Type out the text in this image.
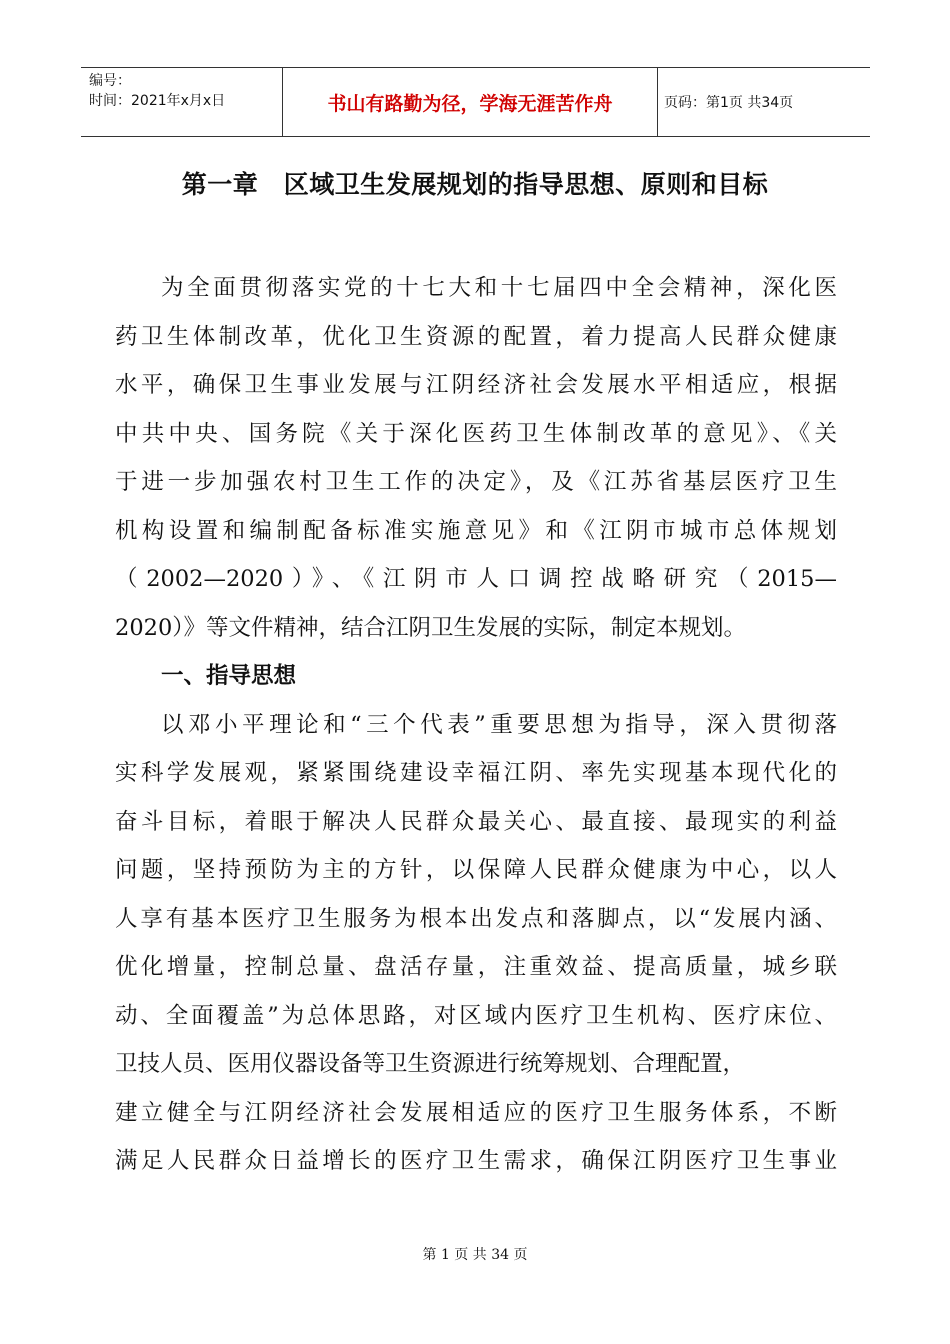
编号：
时间：2021年x月x日	书山有路勤为径，学海无涯苦作舟	页码：第1页 共34页
第一章　区域卫生发展规划的指导思想、原则和目标
为全面贯彻落实党的十七大和十七届四中全会精神，深化医
药卫生体制改革，优化卫生资源的配置，着力提高人民群众健康
水平，确保卫生事业发展与江阴经济社会发展水平相适应，根据
中共中央、国务院《关于深化医药卫生体制改革的意见》、《关
于进一步加强农村卫生工作的决定》，及《江苏省基层医疗卫生
机构设置和编制配备标准实施意见》和《江阴市城市总体规划
（2002—2020）》、《江阴市人口调控战略研究（2015—
2020）》等文件精神，结合江阴卫生发展的实际，制定本规划。
一、指导思想
以邓小平理论和“三个代表”重要思想为指导，深入贯彻落
实科学发展观，紧紧围绕建设幸福江阴、率先实现基本现代化的
奋斗目标，着眼于解决人民群众最关心、最直接、最现实的利益
问题，坚持预防为主的方针，以保障人民群众健康为中心，以人
人享有基本医疗卫生服务为根本出发点和落脚点，以“发展内涵、
优化增量，控制总量、盘活存量，注重效益、提高质量，城乡联
动、全面覆盖”为总体思路，对区域内医疗卫生机构、医疗床位、
卫技人员、医用仪器设备等卫生资源进行统筹规划、合理配置，
建立健全与江阴经济社会发展相适应的医疗卫生服务体系，不断
满足人民群众日益增长的医疗卫生需求，确保江阴医疗卫生事业
第 1 页 共 34 页
